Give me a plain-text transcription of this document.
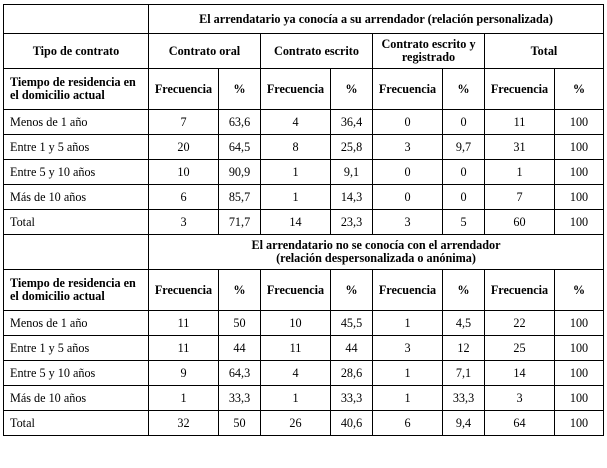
	El arrendatario ya conocía a su arrendador (relación personalizada)							
Tipo de contrato	Contrato oral		Contrato escrito		Contrato escrito y registrado		Total	
Tiempo de residencia en el domicilio actual	Frecuencia	%	Frecuencia	%	Frecuencia	%	Frecuencia	%
Menos de 1 año	7	63,6	4	36,4	0	0	11	100
Entre 1 y 5 años	20	64,5	8	25,8	3	9,7	31	100
Entre 5 y 10 años	10	90,9	1	9,1	0	0	1	100
Más de 10 años	6	85,7	1	14,3	0	0	7	100
Total	3	71,7	14	23,3	3	5	60	100

	El arrendatario no se conocía con el arrendador
(relación despersonalizada o anónima)							

Tiempo de residencia en el domicilio actual	Frecuencia	%	Frecuencia	%	Frecuencia	%	Frecuencia	%
Menos de 1 año	11	50	10	45,5	1	4,5	22	100
Entre 1 y 5 años	11	44	11	44	3	12	25	100
Entre 5 y 10 años	9	64,3	4	28,6	1	7,1	14	100
Más de 10 años	1	33,3	1	33,3	1	33,3	3	100
Total	32	50	26	40,6	6	9,4	64	100
